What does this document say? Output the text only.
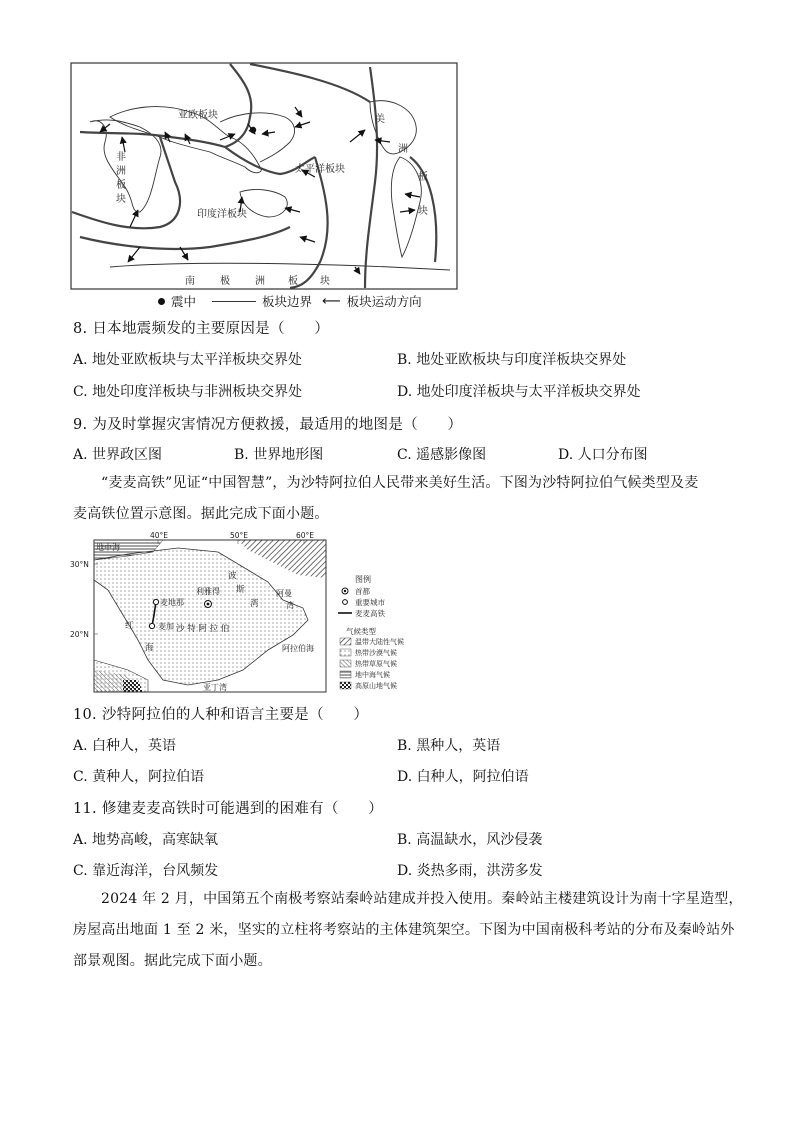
亚欧板块
非
洲
板
块
太平洋板块
印度洋板块
美
洲
板
块
南	极	洲 板 块
震中	板块边界 ⟵ 板块运动方向
8. 日本地震频发的主要原因是（　　）
A. 地处亚欧板块与太平洋板块交界处	B. 地处亚欧板块与印度洋板块交界处
C. 地处印度洋板块与非洲板块交界处	D. 地处印度洋板块与太平洋板块交界处
9. 为及时掌握灾害情况方便救援，最适用的地图是（　　）
A. 世界政区图	B. 世界地形图	C. 遥感影像图	D. 人口分布图
“麦麦高铁”见证“中国智慧”，为沙特阿拉伯人民带来美好生活。下图为沙特阿拉伯气候类型及麦
麦高铁位置示意图。据此完成下面小题。
40°E	50°E	60°E
30°N
20°N
地中海
红
海
波
斯
湾
阿曼
湾
麦地那
利雅得
麦加 沙 特 阿 拉 伯
阿拉伯海
亚丁湾
图例
首都
重要城市
麦麦高铁
气候类型
温带大陆性气候
热带沙漠气候
热带草原气候
地中海气候
高原山地气候
10. 沙特阿拉伯的人种和语言主要是（　　）
A. 白种人，英语	B. 黑种人，英语
C. 黄种人，阿拉伯语	D. 白种人，阿拉伯语
11. 修建麦麦高铁时可能遇到的困难有（　　）
A. 地势高峻，高寒缺氧	B. 高温缺水，风沙侵袭
C. 靠近海洋，台风频发	D. 炎热多雨，洪涝多发
2024 年 2 月，中国第五个南极考察站秦岭站建成并投入使用。秦岭站主楼建筑设计为南十字星造型，
房屋高出地面 1 至 2 米，坚实的立柱将考察站的主体建筑架空。下图为中国南极科考站的分布及秦岭站外
部景观图。据此完成下面小题。
